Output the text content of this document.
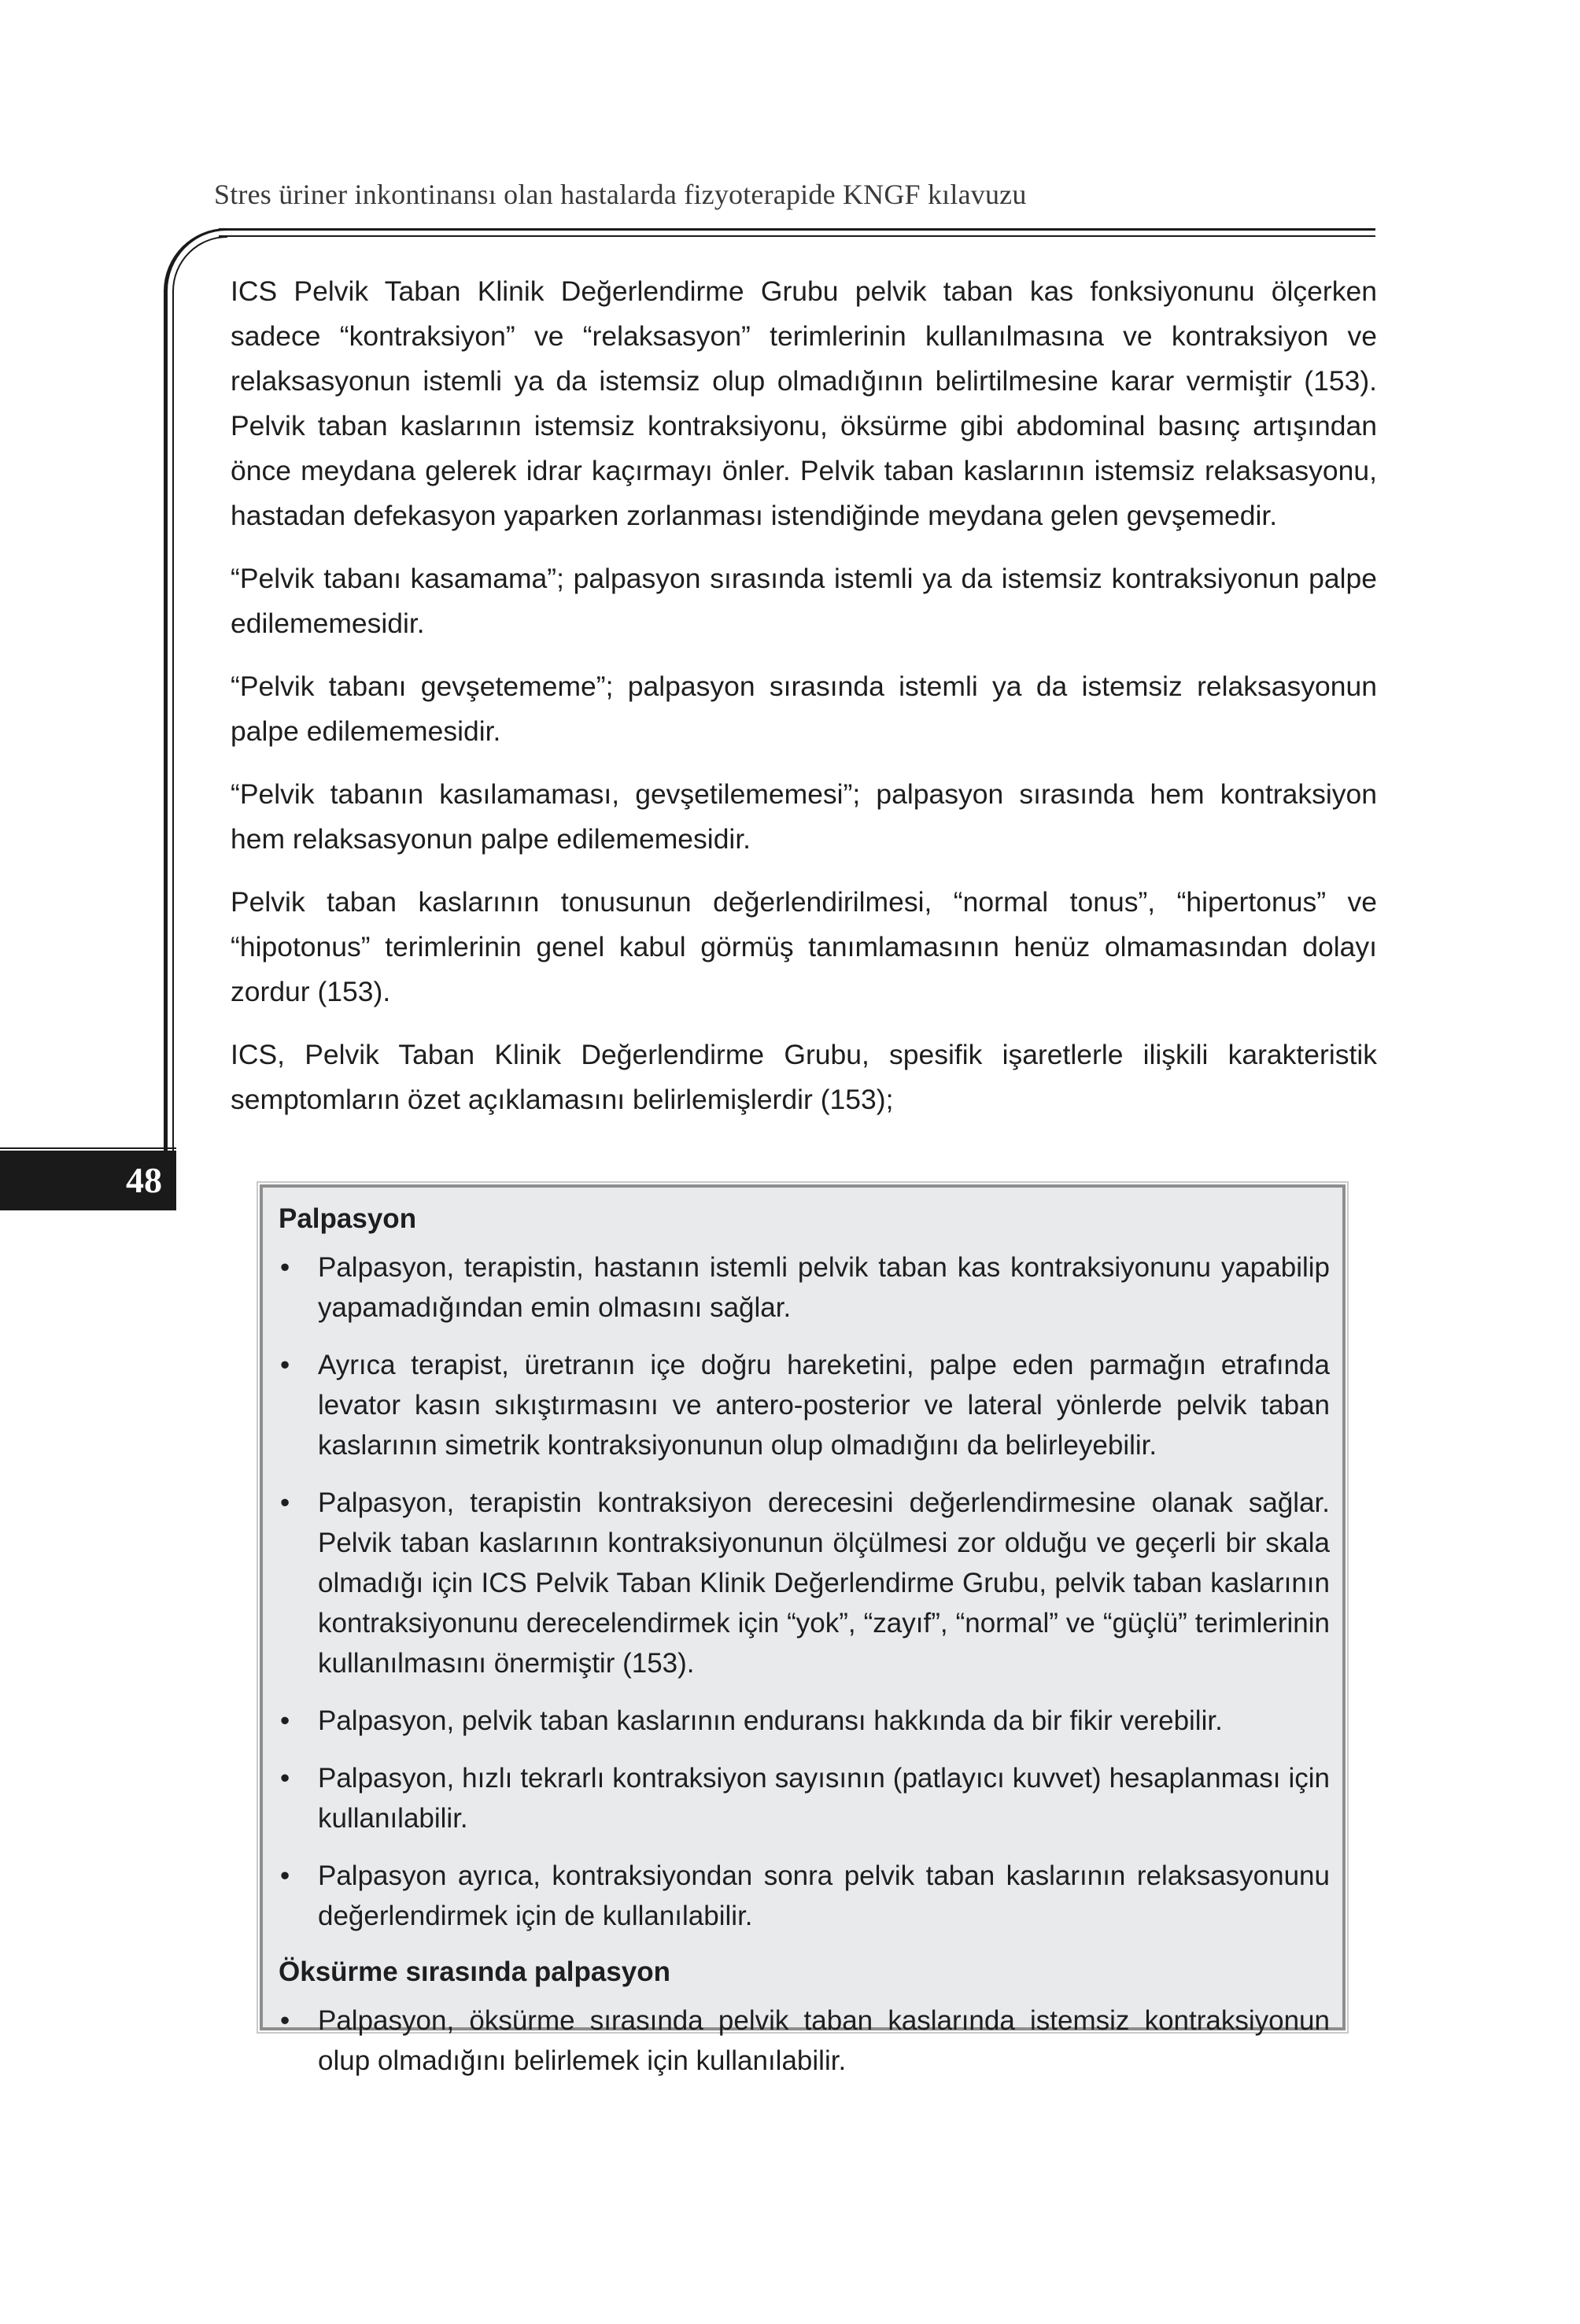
Stres üriner inkontinansı olan hastalarda fizyoterapide KNGF kılavuzu
48

ICS Pelvik Taban Klinik Değerlendirme Grubu pelvik taban kas fonksiyonunu ölçerken sadece “kontraksiyon” ve “relaksasyon” terimlerinin kullanılmasına ve kontraksiyon ve relaksasyonun istemli ya da istemsiz olup olmadığının belirtilmesine karar vermiştir (153). Pelvik taban kaslarının istemsiz kontraksiyonu, öksürme gibi abdominal basınç artışından önce meydana gelerek idrar kaçırmayı önler. Pelvik taban kaslarının istemsiz relaksasyonu, hastadan defekasyon yaparken zorlanması istendiğinde meydana gelen gevşemedir.

“Pelvik tabanı kasamama”; palpasyon sırasında istemli ya da istemsiz kontraksiyonun palpe edilememesidir.

“Pelvik tabanı gevşetememe”; palpasyon sırasında istemli ya da istemsiz relaksasyonun palpe edilememesidir.

“Pelvik tabanın kasılamaması, gevşetilememesi”; palpasyon sırasında hem kontraksiyon hem relaksasyonun palpe edilememesidir.

Pelvik taban kaslarının tonusunun değerlendirilmesi, “normal tonus”, “hipertonus” ve “hipotonus” terimlerinin genel kabul görmüş tanımlamasının henüz olmamasından dolayı zordur (153).

ICS, Pelvik Taban Klinik Değerlendirme Grubu, spesifik işaretlerle ilişkili karakteristik semptomların özet açıklamasını belirlemişlerdir (153);

Palpasyon
• Palpasyon, terapistin, hastanın istemli pelvik taban kas kontraksiyonunu yapabilip yapamadığından emin olmasını sağlar.
• Ayrıca terapist, üretranın içe doğru hareketini, palpe eden parmağın etrafında levator kasın sıkıştırmasını ve antero-posterior ve lateral yönlerde pelvik taban kaslarının simetrik kontraksiyonunun olup olmadığını da belirleyebilir.
• Palpasyon, terapistin kontraksiyon derecesini değerlendirmesine olanak sağlar. Pelvik taban kaslarının kontraksiyonunun ölçülmesi zor olduğu ve geçerli bir skala olmadığı için ICS Pelvik Taban Klinik Değerlendirme Grubu, pelvik taban kaslarının kontraksiyonunu derecelendirmek için “yok”, “zayıf”, “normal” ve “güçlü” terimlerinin kullanılmasını önermiştir (153).
• Palpasyon, pelvik taban kaslarının enduransı hakkında da bir fikir verebilir.
• Palpasyon, hızlı tekrarlı kontraksiyon sayısının (patlayıcı kuvvet) hesaplanması için kullanılabilir.
• Palpasyon ayrıca, kontraksiyondan sonra pelvik taban kaslarının relaksasyonunu değerlendirmek için de kullanılabilir.
Öksürme sırasında palpasyon
• Palpasyon, öksürme sırasında pelvik taban kaslarında istemsiz kontraksiyonun olup olmadığını belirlemek için kullanılabilir.
